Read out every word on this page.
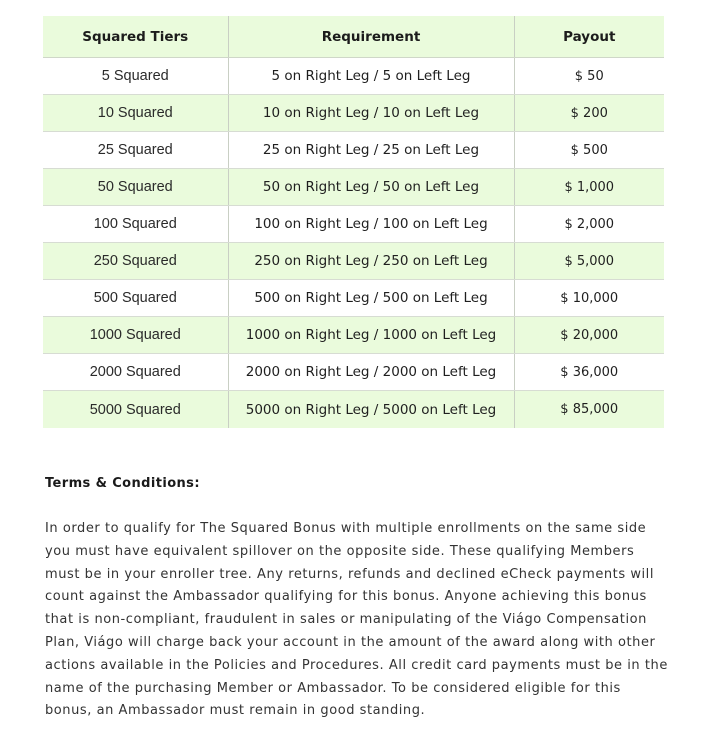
Squared Tiers	Requirement	Payout
5 Squared	5 on Right Leg / 5 on Left Leg	$ 50
10 Squared	10 on Right Leg / 10 on Left Leg	$ 200
25 Squared	25 on Right Leg / 25 on Left Leg	$ 500
50 Squared	50 on Right Leg / 50 on Left Leg	$ 1,000
100 Squared	100 on Right Leg / 100 on Left Leg	$ 2,000
250 Squared	250 on Right Leg / 250 on Left Leg	$ 5,000
500 Squared	500 on Right Leg / 500 on Left Leg	$ 10,000
1000 Squared	1000 on Right Leg / 1000 on Left Leg	$ 20,000
2000 Squared	2000 on Right Leg / 2000 on Left Leg	$ 36,000
5000 Squared	5000 on Right Leg / 5000 on Left Leg	$ 85,000
Terms & Conditions:

In order to qualify for The Squared Bonus with multiple enrollments on the same side you must have equivalent spillover on the opposite side. These qualifying Members must be in your enroller tree. Any returns, refunds and declined eCheck payments will count against the Ambassador qualifying for this bonus. Anyone achieving this bonus that is non-compliant, fraudulent in sales or manipulating of the Viágo Compensation Plan, Viágo will charge back your account in the amount of the award along with other actions available in the Policies and Procedures. All credit card payments must be in the name of the purchasing Member or Ambassador. To be considered eligible for this bonus, an Ambassador must remain in good standing.
